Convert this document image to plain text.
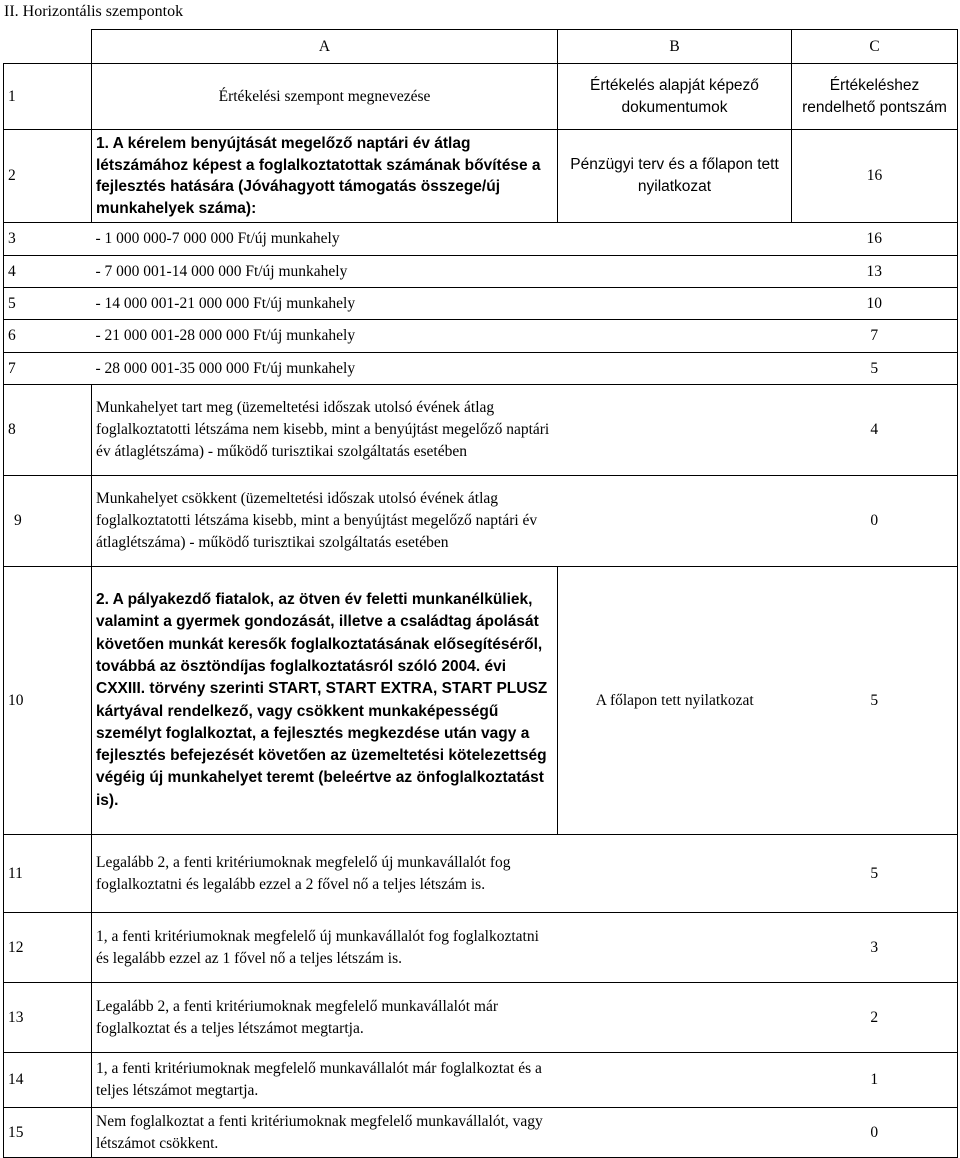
II. Horizontális szempontok
	A	B	C
1	Értékelési szempont megnevezése	Értékelés alapját képező dokumentumok	Értékeléshez rendelhető pontszám
2	1. A kérelem benyújtását megelőző naptári év átlag létszámához képest a foglalkoztatottak számának bővítése a fejlesztés hatására (Jóváhagyott támogatás összege/új munkahelyek száma):	Pénzügyi terv és a főlapon tett nyilatkozat	16
3	- 1 000 000-7 000 000 Ft/új munkahely		16
4	- 7 000 001-14 000 000 Ft/új munkahely		13
5	- 14 000 001-21 000 000 Ft/új munkahely		10
6	- 21 000 001-28 000 000 Ft/új munkahely		7
7	- 28 000 001-35 000 000 Ft/új munkahely		5
8	Munkahelyet tart meg (üzemeltetési időszak utolsó évének átlag foglalkoztatotti létszáma nem kisebb, mint a benyújtást megelőző naptári év átlaglétszáma) - működő turisztikai szolgáltatás esetében		4
9	Munkahelyet csökkent (üzemeltetési időszak utolsó évének átlag foglalkoztatotti létszáma kisebb, mint a benyújtást megelőző naptári év átlaglétszáma) - működő turisztikai szolgáltatás esetében		0
10	2. A pályakezdő fiatalok, az ötven év feletti munkanélküliek, valamint a gyermek gondozását, illetve a családtag ápolását követően munkát keresők foglalkoztatásának elősegítéséről, továbbá az ösztöndíjas foglalkoztatásról szóló 2004. évi CXXIII. törvény szerinti START, START EXTRA, START PLUSZ kártyával rendelkező, vagy csökkent munkaképességű személyt foglalkoztat, a fejlesztés megkezdése után vagy a fejlesztés befejezését követően az üzemeltetési kötelezettség végéig új munkahelyet teremt (beleértve az önfoglalkoztatást is).	A főlapon tett nyilatkozat	5
11	Legalább 2, a fenti kritériumoknak megfelelő új munkavállalót fog foglalkoztatni és legalább ezzel a 2 fővel nő a teljes létszám is.		5
12	1, a fenti kritériumoknak megfelelő új munkavállalót fog foglalkoztatni és legalább ezzel az 1 fővel nő a teljes létszám is.		3
13	Legalább 2, a fenti kritériumoknak megfelelő munkavállalót már foglalkoztat és a teljes létszámot megtartja.		2
14	1, a fenti kritériumoknak megfelelő munkavállalót már foglalkoztat és a teljes létszámot megtartja.		1
15	Nem foglalkoztat a fenti kritériumoknak megfelelő munkavállalót, vagy létszámot csökkent.		0
